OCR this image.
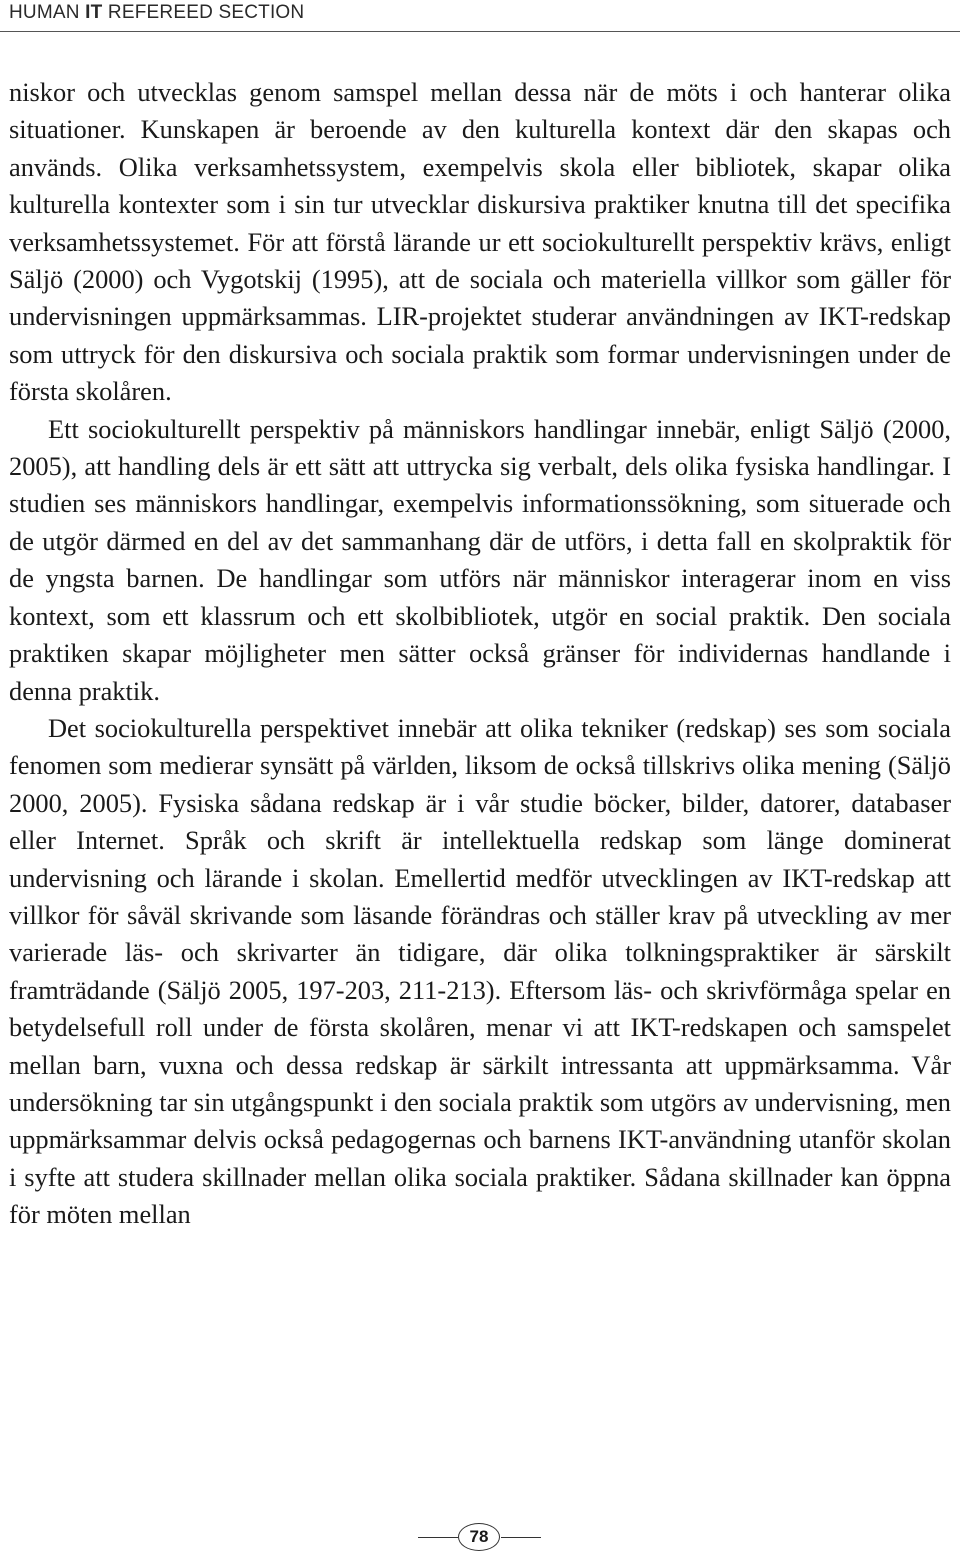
HUMAN IT REFEREED SECTION

niskor och utvecklas genom samspel mellan dessa när de möts i och hanterar olika situationer. Kunskapen är beroende av den kulturella kontext där den skapas och används. Olika verksamhetssystem, exempelvis skola eller bibliotek, skapar olika kulturella kontexter som i sin tur utvecklar diskursiva praktiker knutna till det specifika verksamhetssystemet. För att förstå lärande ur ett sociokulturellt perspektiv krävs, enligt Säljö (2000) och Vygotskij (1995), att de sociala och materiella villkor som gäller för undervisningen uppmärksammas. LIR-projektet studerar användningen av IKT-redskap som uttryck för den diskursiva och sociala praktik som formar undervisningen under de första skolåren.

Ett sociokulturellt perspektiv på människors handlingar innebär, enligt Säljö (2000, 2005), att handling dels är ett sätt att uttrycka sig verbalt, dels olika fysiska handlingar. I studien ses människors handlingar, exempelvis informationssökning, som situerade och de utgör därmed en del av det sammanhang där de utförs, i detta fall en skolpraktik för de yngsta barnen. De handlingar som utförs när människor interagerar inom en viss kontext, som ett klassrum och ett skolbibliotek, utgör en social praktik. Den sociala praktiken skapar möjligheter men sätter också gränser för individernas handlande i denna praktik.

Det sociokulturella perspektivet innebär att olika tekniker (redskap) ses som sociala fenomen som medierar synsätt på världen, liksom de också tillskrivs olika mening (Säljö 2000, 2005). Fysiska sådana redskap är i vår studie böcker, bilder, datorer, databaser eller Internet. Språk och skrift är intellektuella redskap som länge dominerat undervisning och lärande i skolan. Emellertid medför utvecklingen av IKT-redskap att villkor för såväl skrivande som läsande förändras och ställer krav på utveckling av mer varierade läs- och skrivarter än tidigare, där olika tolkningspraktiker är särskilt framträdande (Säljö 2005, 197-203, 211-213). Eftersom läs- och skrivförmåga spelar en betydelsefull roll under de första skolåren, menar vi att IKT-redskapen och samspelet mellan barn, vuxna och dessa redskap är särkilt intressanta att uppmärksamma. Vår undersökning tar sin utgångspunkt i den sociala praktik som utgörs av undervisning, men uppmärksammar delvis också pedagogernas och barnens IKT-användning utanför skolan i syfte att studera skillnader mellan olika sociala praktiker. Sådana skillnader kan öppna för möten mellan

78
